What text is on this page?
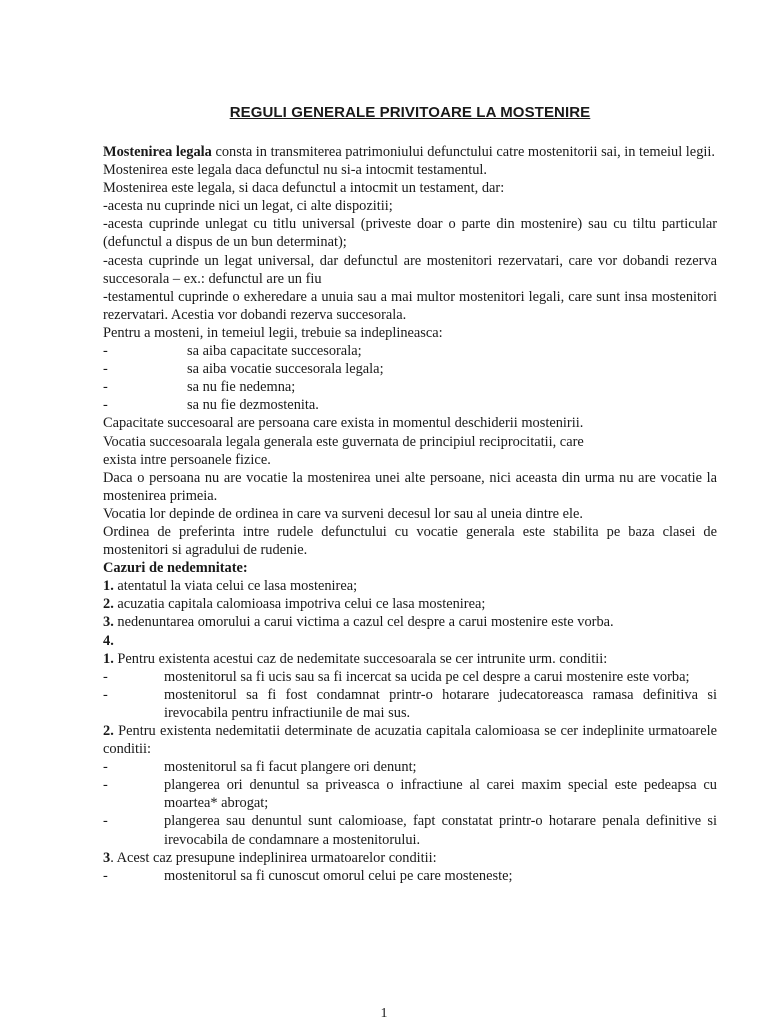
REGULI GENERALE PRIVITOARE LA MOSTENIRE
Mostenirea legala consta in transmiterea patrimoniului defunctului catre mostenitorii sai, in temeiul legii.
Mostenirea este legala daca defunctul nu si-a intocmit testamentul.
Mostenirea este legala, si daca defunctul a intocmit un testament, dar:
-acesta nu cuprinde nici un legat, ci alte dispozitii;
-acesta cuprinde unlegat cu titlu universal (priveste doar o parte din mostenire) sau cu tiltu particular (defunctul a dispus de un bun determinat);
-acesta cuprinde un legat universal, dar defunctul are mostenitori rezervatari, care vor dobandi rezerva succesorala – ex.: defunctul are un fiu
-testamentul cuprinde o exheredare a unuia sau a mai multor mostenitori legali, care sunt insa mostenitori rezervatari. Acestia vor dobandi rezerva succesorala.
Pentru a mosteni, in temeiul legii, trebuie sa indeplineasca:
-	sa aiba capacitate succesorala;
-	sa aiba vocatie succesorala legala;
-	sa nu fie nedemna;
-	sa nu fie dezmostenita.
Capacitate succesoaral are persoana care exista in momentul deschiderii mostenirii.
Vocatia succesoarala legala generala este guvernata de principiul reciprocitatii, care
exista intre persoanele fizice.
Daca o persoana nu are vocatie la mostenirea unei alte persoane, nici aceasta din urma nu are vocatie la mostenirea primeia.
Vocatia lor depinde de ordinea in care va surveni decesul lor sau al uneia dintre ele.
Ordinea de preferinta intre rudele defunctului cu vocatie generala este stabilita pe baza clasei de mostenitori si agradului de rudenie.
Cazuri de nedemnitate:
1. atentatul la viata celui ce lasa mostenirea;
2. acuzatia capitala calomioasa impotriva celui ce lasa mostenirea;
3. nedenuntarea omorului a carui victima a cazul cel despre a carui mostenire este vorba.
4.
1. Pentru existenta acestui caz de nedemitate succesoarala se cer intrunite urm. conditii:
-	mostenitorul sa fi ucis sau sa fi incercat sa ucida pe cel despre a carui mostenire este vorba;
-	mostenitorul sa fi fost condamnat printr-o hotarare judecatoreasca ramasa definitiva si irevocabila pentru infractiunile de mai sus.
2. Pentru existenta nedemitatii determinate de acuzatia capitala calomioasa se cer indeplinite urmatoarele conditii:
-	mostenitorul sa fi facut plangere ori denunt;
-	plangerea ori denuntul sa priveasca o infractiune al carei maxim special este pedeapsa cu moartea* abrogat;
-	plangerea sau denuntul sunt calomioase, fapt constatat printr-o hotarare penala definitive si irevocabila de condamnare a mostenitorului.
3. Acest caz presupune indeplinirea urmatoarelor conditii:
-	mostenitorul sa fi cunoscut omorul celui pe care mosteneste;
1
